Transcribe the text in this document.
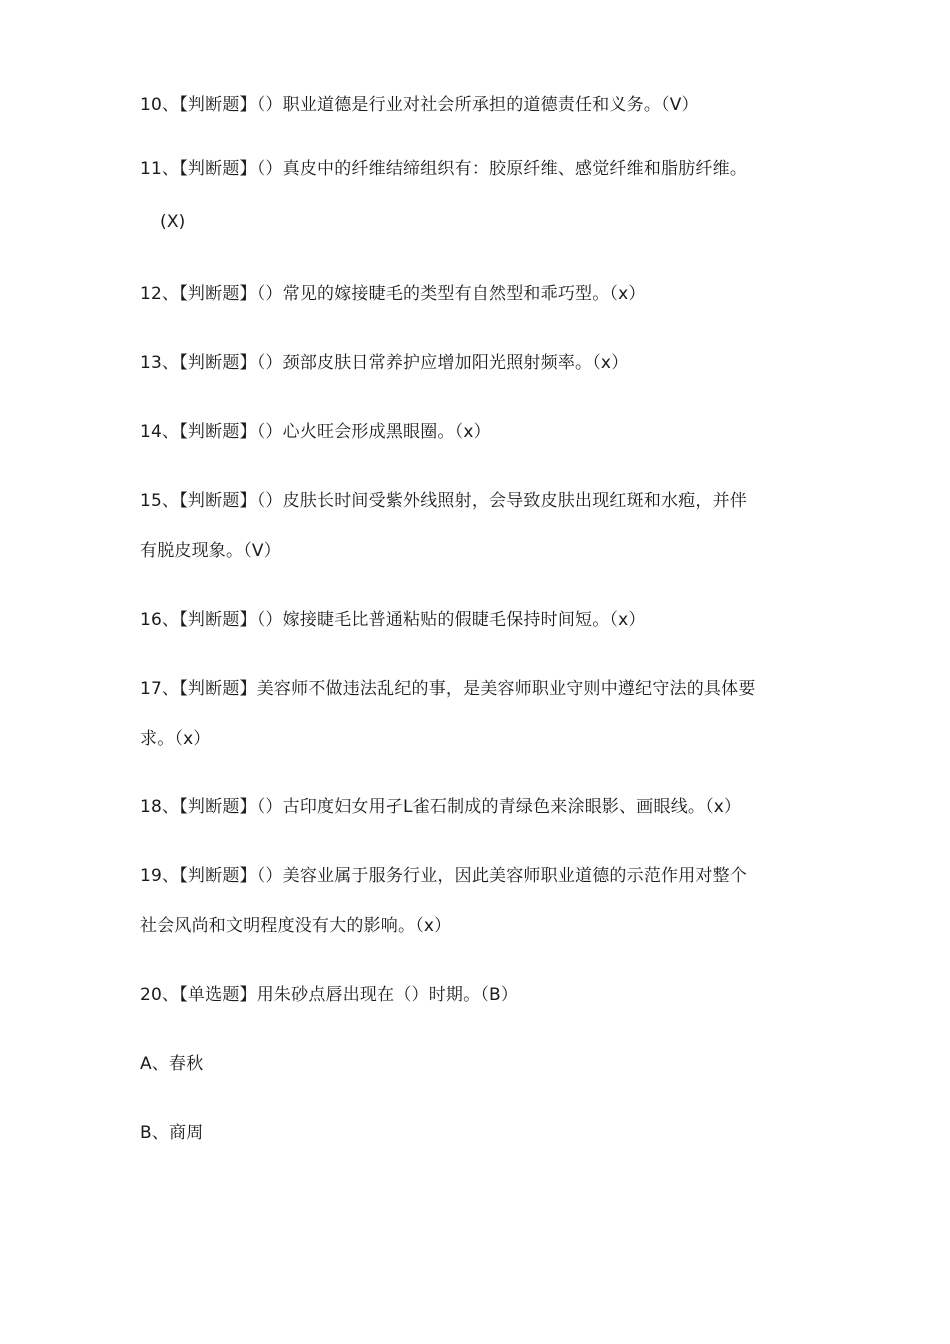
10、【判断题】（）职业道德是行业对社会所承担的道德责任和义务。（V）
11、【判断题】（）真皮中的纤维结缔组织有：胶原纤维、感觉纤维和脂肪纤维。
(X)
12、【判断题】（）常见的嫁接睫毛的类型有自然型和乖巧型。（x）
13、【判断题】（）颈部皮肤日常养护应增加阳光照射频率。（x）
14、【判断题】（）心火旺会形成黑眼圈。（x）
15、【判断题】（）皮肤长时间受紫外线照射，会导致皮肤出现红斑和水疱，并伴
有脱皮现象。（V）
16、【判断题】（）嫁接睫毛比普通粘贴的假睫毛保持时间短。（x）
17、【判断题】美容师不做违法乱纪的事，是美容师职业守则中遵纪守法的具体要
求。（x）
18、【判断题】（）古印度妇女用孑L雀石制成的青绿色来涂眼影、画眼线。（x）
19、【判断题】（）美容业属于服务行业，因此美容师职业道德的示范作用对整个
社会风尚和文明程度没有大的影响。（x）
20、【单选题】用朱砂点唇出现在（）时期。（B）
A、春秋
B、商周
